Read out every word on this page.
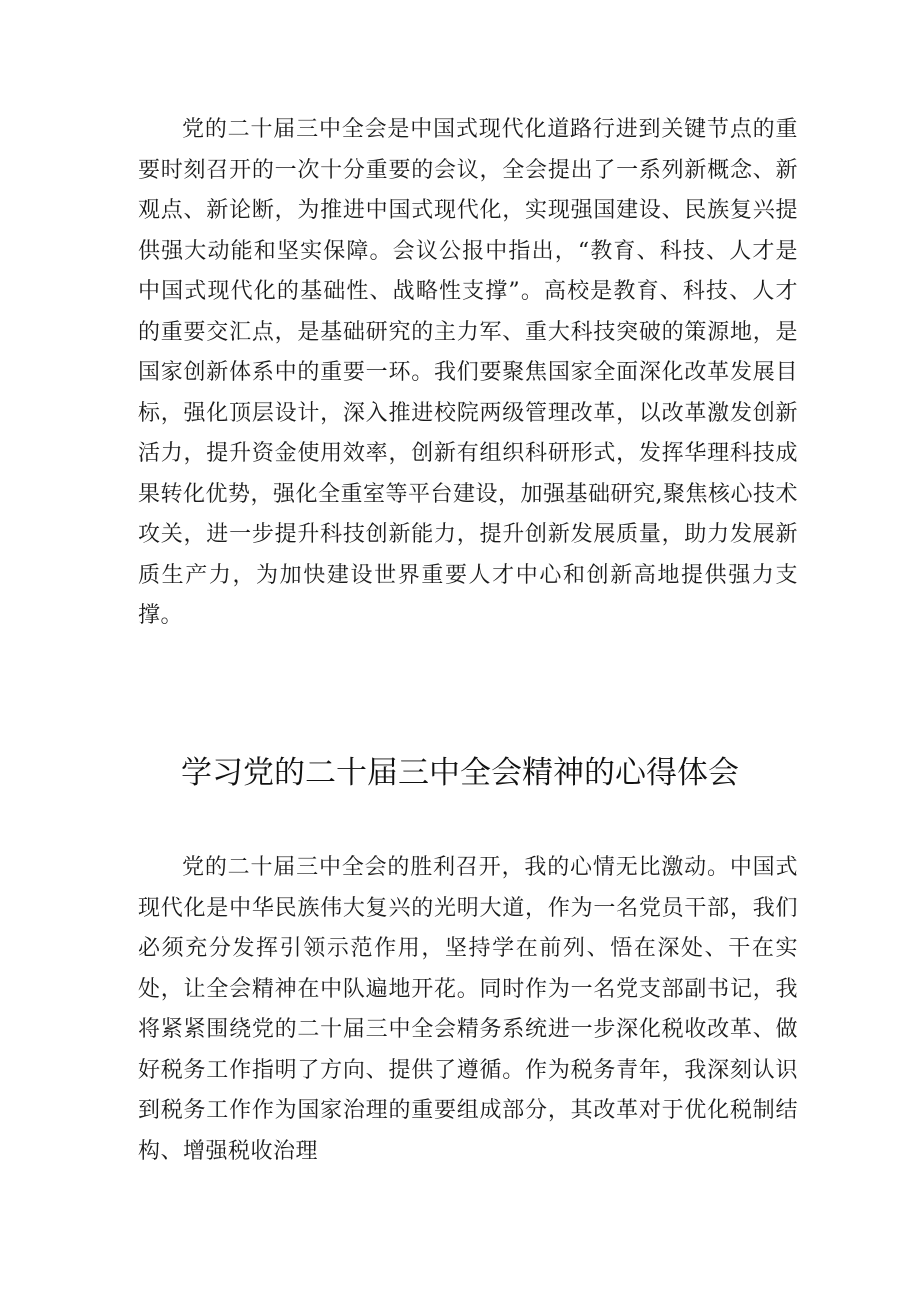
党的二十届三中全会是中国式现代化道路行进到关键节点的重要时刻召开的一次十分重要的会议，全会提出了一系列新概念、新观点、新论断，为推进中国式现代化，实现强国建设、民族复兴提供强大动能和坚实保障。会议公报中指出，“教育、科技、人才是中国式现代化的基础性、战略性支撑”。高校是教育、科技、人才的重要交汇点，是基础研究的主力军、重大科技突破的策源地，是国家创新体系中的重要一环。我们要聚焦国家全面深化改革发展目标，强化顶层设计，深入推进校院两级管理改革，以改革激发创新活力，提升资金使用效率，创新有组织科研形式，发挥华理科技成果转化优势，强化全重室等平台建设，加强基础研究,聚焦核心技术攻关，进一步提升科技创新能力，提升创新发展质量，助力发展新质生产力，为加快建设世界重要人才中心和创新高地提供强力支撑。

学习党的二十届三中全会精神的心得体会

党的二十届三中全会的胜利召开，我的心情无比激动。中国式现代化是中华民族伟大复兴的光明大道，作为一名党员干部，我们必须充分发挥引领示范作用，坚持学在前列、悟在深处、干在实处，让全会精神在中队遍地开花。同时作为一名党支部副书记，我将紧紧围绕党的二十届三中全会精务系统进一步深化税收改革、做好税务工作指明了方向、提供了遵循。作为税务青年，我深刻认识到税务工作作为国家治理的重要组成部分，其改革对于优化税制结构、增强税收治理
